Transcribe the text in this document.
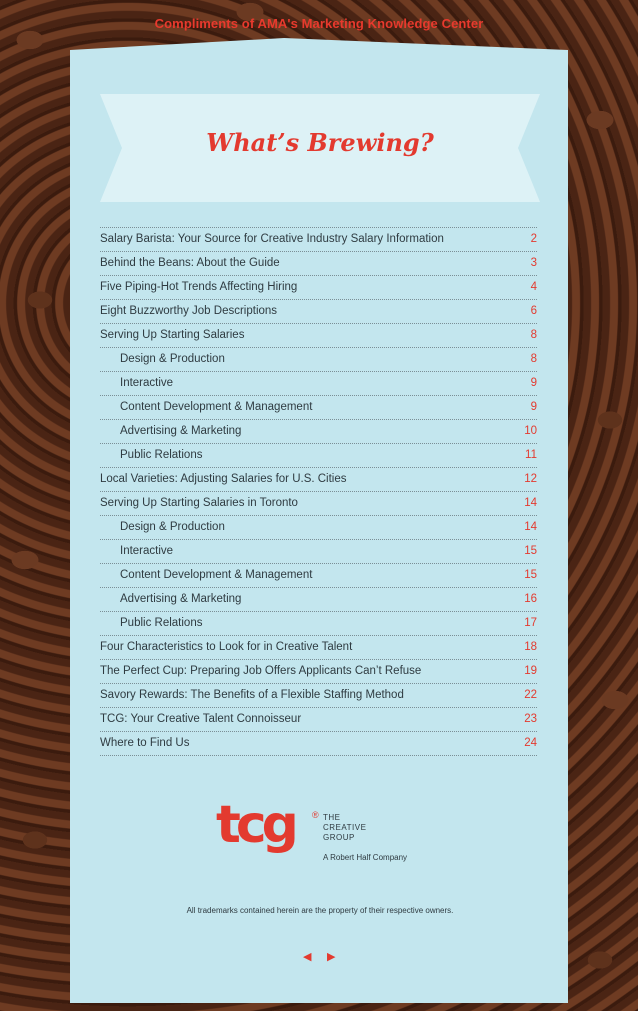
Compliments of AMA's Marketing Knowledge Center
What’s Brewing?
Salary Barista: Your Source for Creative Industry Salary Information	2
Behind the Beans: About the Guide	3
Five Piping-Hot Trends Affecting Hiring	4
Eight Buzzworthy Job Descriptions	6
Serving Up Starting Salaries	8
Design & Production	8
Interactive	9
Content Development & Management	9
Advertising & Marketing	10
Public Relations	11
Local Varieties: Adjusting Salaries for U.S. Cities	12
Serving Up Starting Salaries in Toronto	14
Design & Production	14
Interactive	15
Content Development & Management	15
Advertising & Marketing	16
Public Relations	17
Four Characteristics to Look for in Creative Talent	18
The Perfect Cup: Preparing Job Offers Applicants Can’t Refuse	19
Savory Rewards: The Benefits of a Flexible Staffing Method	22
TCG: Your Creative Talent Connoisseur	23
Where to Find Us	24
tcg ® THE
CREATIVE
GROUP
A Robert Half Company
All trademarks contained herein are the property of their respective owners.
◀ ▶
